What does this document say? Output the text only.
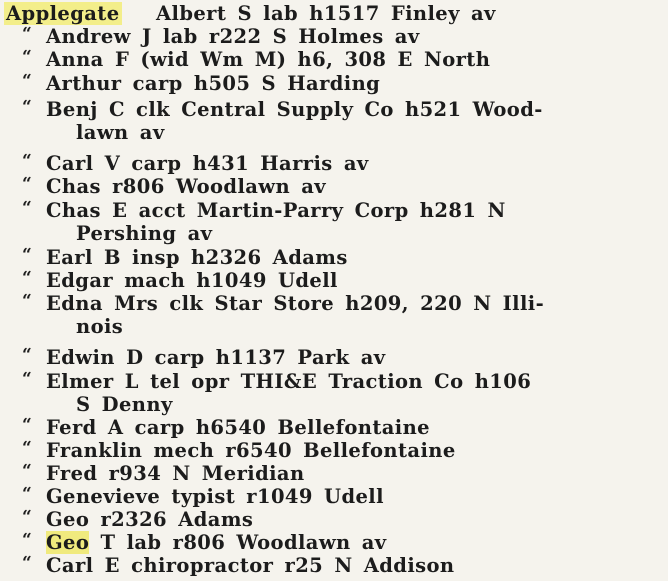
Applegate Albert S lab h1517 Finley av
“ Andrew J lab r222 S Holmes av
“ Anna F (wid Wm M) h6, 308 E North
“ Arthur carp h505 S Harding
“ Benj C clk Central Supply Co h521 Wood-
lawn av
“ Carl V carp h431 Harris av
“ Chas r806 Woodlawn av
“ Chas E acct Martin-Parry Corp h281 N
Pershing av
“ Earl B insp h2326 Adams
“ Edgar mach h1049 Udell
“ Edna Mrs clk Star Store h209, 220 N Illi-
nois
“ Edwin D carp h1137 Park av
“ Elmer L tel opr THI&E Traction Co h106
S Denny
“ Ferd A carp h6540 Bellefontaine
“ Franklin mech r6540 Bellefontaine
“ Fred r934 N Meridian
“ Genevieve typist r1049 Udell
“ Geo r2326 Adams
“ Geo T lab r806 Woodlawn av
“ Carl E chiropractor r25 N Addison
